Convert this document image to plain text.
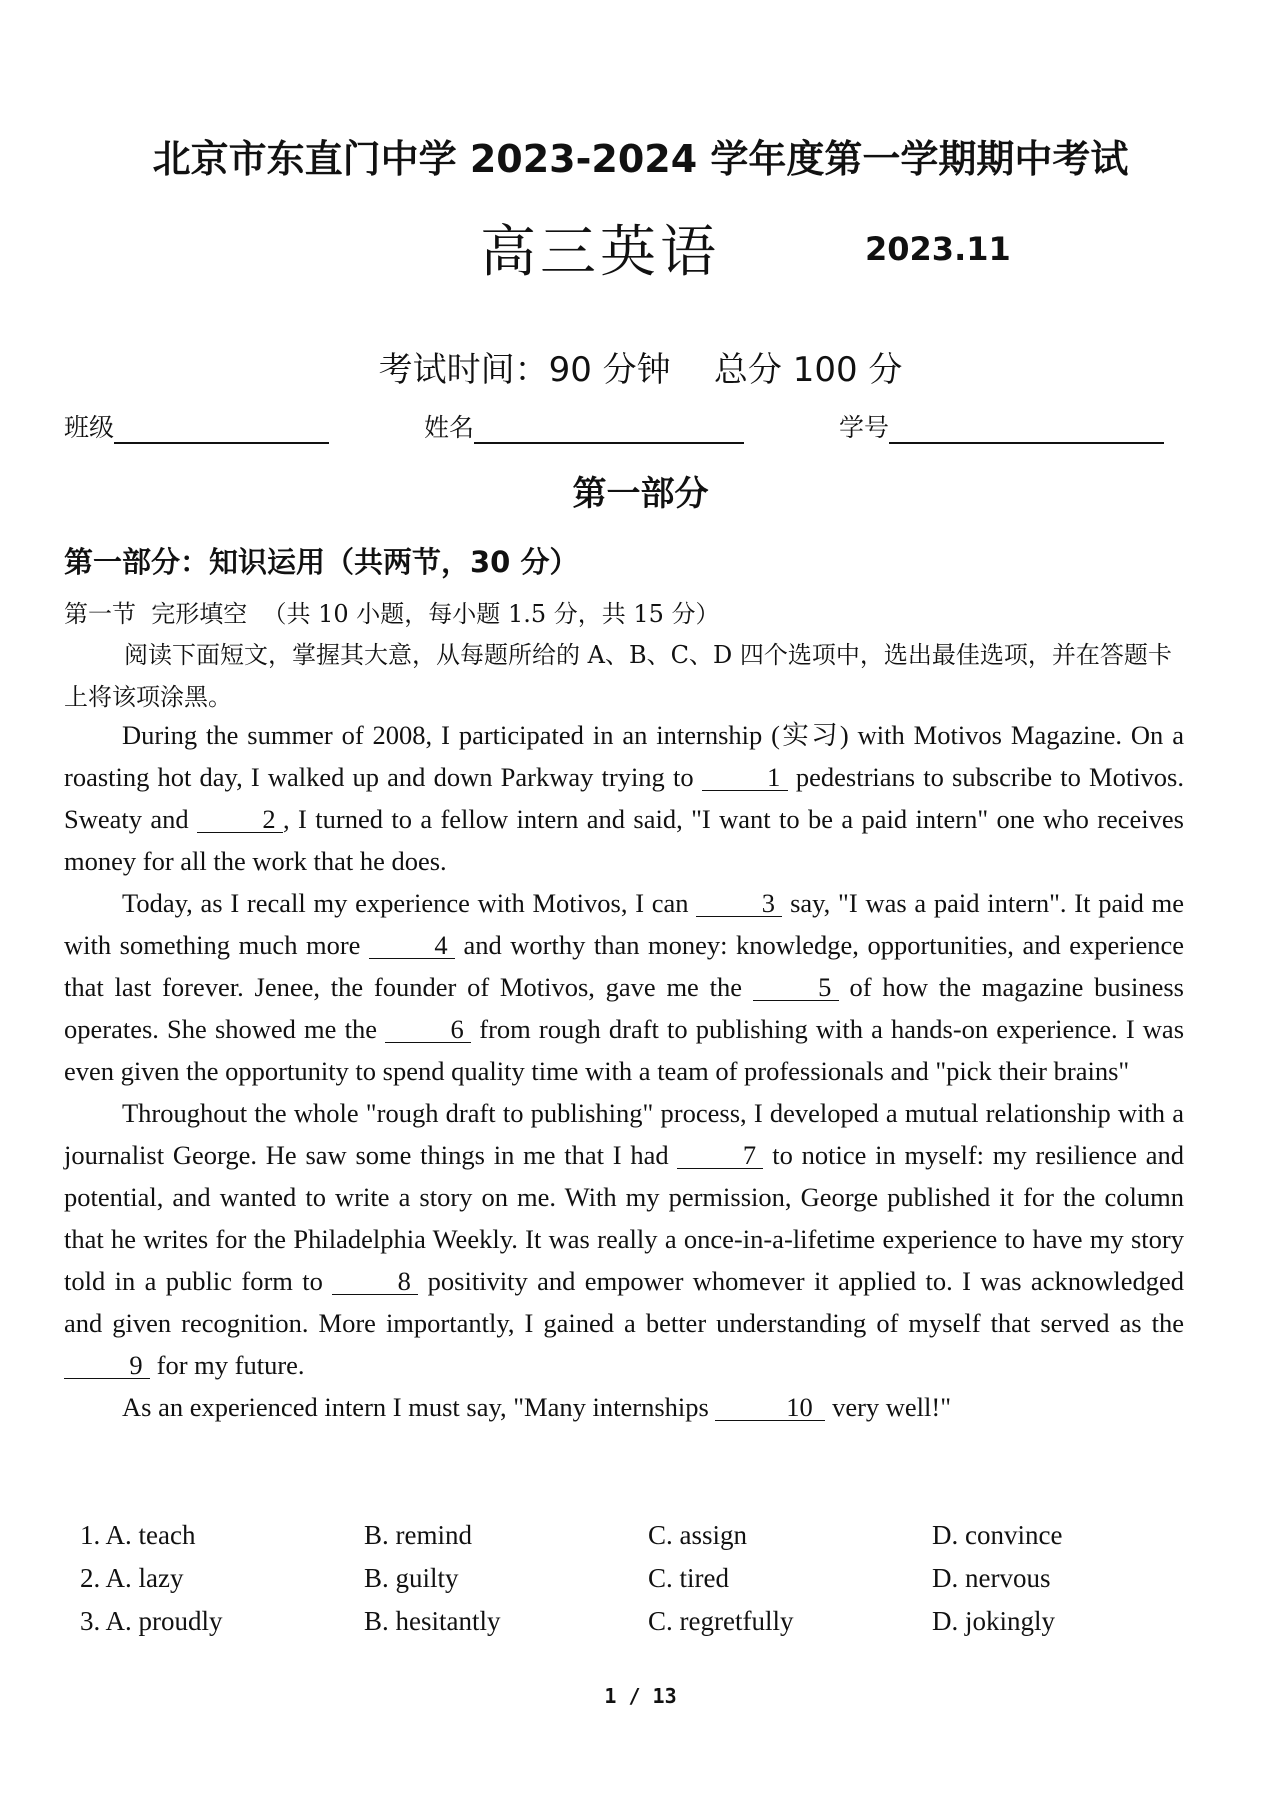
北京市东直门中学 2023-2024 学年度第一学期期中考试
高三英语	2023.11
考试时间：90 分钟    总分 100 分
班级	姓名	学号
第一部分
第一部分：知识运用（共两节，30 分）
第一节  完形填空  （共 10 小题，每小题 1.5 分，共 15 分）
阅读下面短文，掌握其大意，从每题所给的 A、B、C、D 四个选项中，选出最佳选项，并在答题卡上将该项涂黑。

During the summer of 2008, I participated in an internship (实习) with Motivos Magazine. On a roasting hot day, I walked up and down Parkway trying to 1 pedestrians to subscribe to Motivos. Sweaty and 2 , I turned to a fellow intern and said, "I want to be a paid intern" one who receives money for all the work that he does.

Today, as I recall my experience with Motivos, I can 3 say, "I was a paid intern". It paid me with something much more 4 and worthy than money: knowledge, opportunities, and experience that last forever. Jenee, the founder of Motivos, gave me the 5 of how the magazine business operates. She showed me the 6 from rough draft to publishing with a hands-on experience. I was even given the opportunity to spend quality time with a team of professionals and "pick their brains"

Throughout the whole "rough draft to publishing" process, I developed a mutual relationship with a journalist George. He saw some things in me that I had 7 to notice in myself: my resilience and potential, and wanted to write a story on me. With my permission, George published it for the column that he writes for the Philadelphia Weekly. It was really a once-in-a-lifetime experience to have my story told in a public form to 8 positivity and empower whomever it applied to. I was acknowledged and given recognition. More importantly, I gained a better understanding of myself that served as the 9 for my future.

As an experienced intern I must say, "Many internships	10 very well!"

1. A. teach	B. remind	C. assign	D. convince
2. A. lazy	B. guilty	C. tired	D. nervous
3. A. proudly	B. hesitantly	C. regretfully	D. jokingly
1 / 13
